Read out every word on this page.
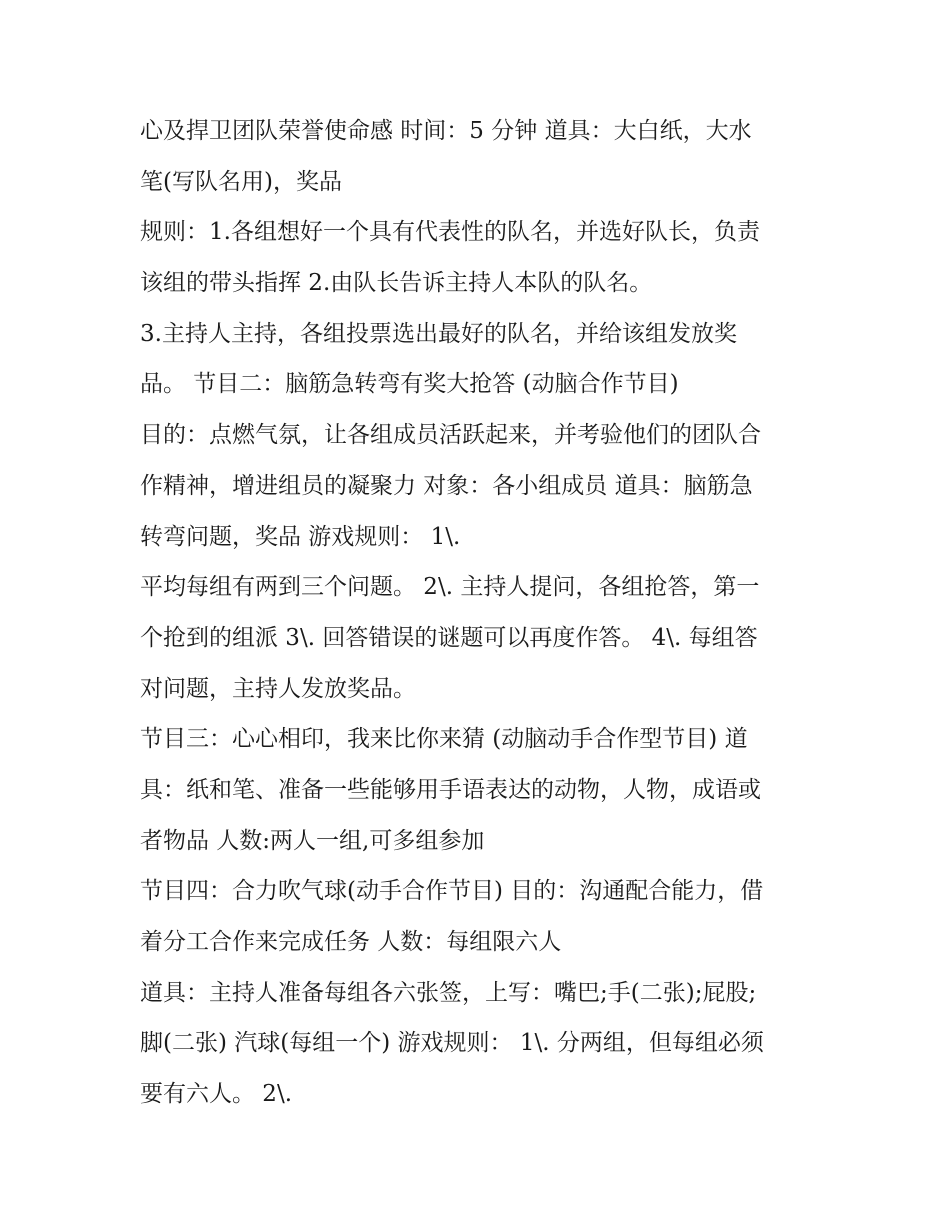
心及捍卫团队荣誉使命感 时间：5 分钟 道具：大白纸，大水
笔(写队名用)，奖品
规则：1.各组想好一个具有代表性的队名，并选好队长，负责
该组的带头指挥 2.由队长告诉主持人本队的队名。
3.主持人主持，各组投票选出最好的队名，并给该组发放奖
品。 节目二：脑筋急转弯有奖大抢答 (动脑合作节目)
目的：点燃气氛，让各组成员活跃起来，并考验他们的团队合
作精神，增进组员的凝聚力 对象：各小组成员 道具：脑筋急
转弯问题，奖品 游戏规则： 1\.
平均每组有两到三个问题。 2\. 主持人提问，各组抢答，第一
个抢到的组派 3\. 回答错误的谜题可以再度作答。 4\. 每组答
对问题，主持人发放奖品。
节目三：心心相印，我来比你来猜 (动脑动手合作型节目) 道
具：纸和笔、准备一些能够用手语表达的动物，人物，成语或
者物品 人数:两人一组,可多组参加
节目四：合力吹气球(动手合作节目) 目的：沟通配合能力，借
着分工合作来完成任务 人数：每组限六人
道具：主持人准备每组各六张签，上写：嘴巴;手(二张);屁股;
脚(二张) 汽球(每组一个) 游戏规则： 1\. 分两组，但每组必须
要有六人。 2\.
